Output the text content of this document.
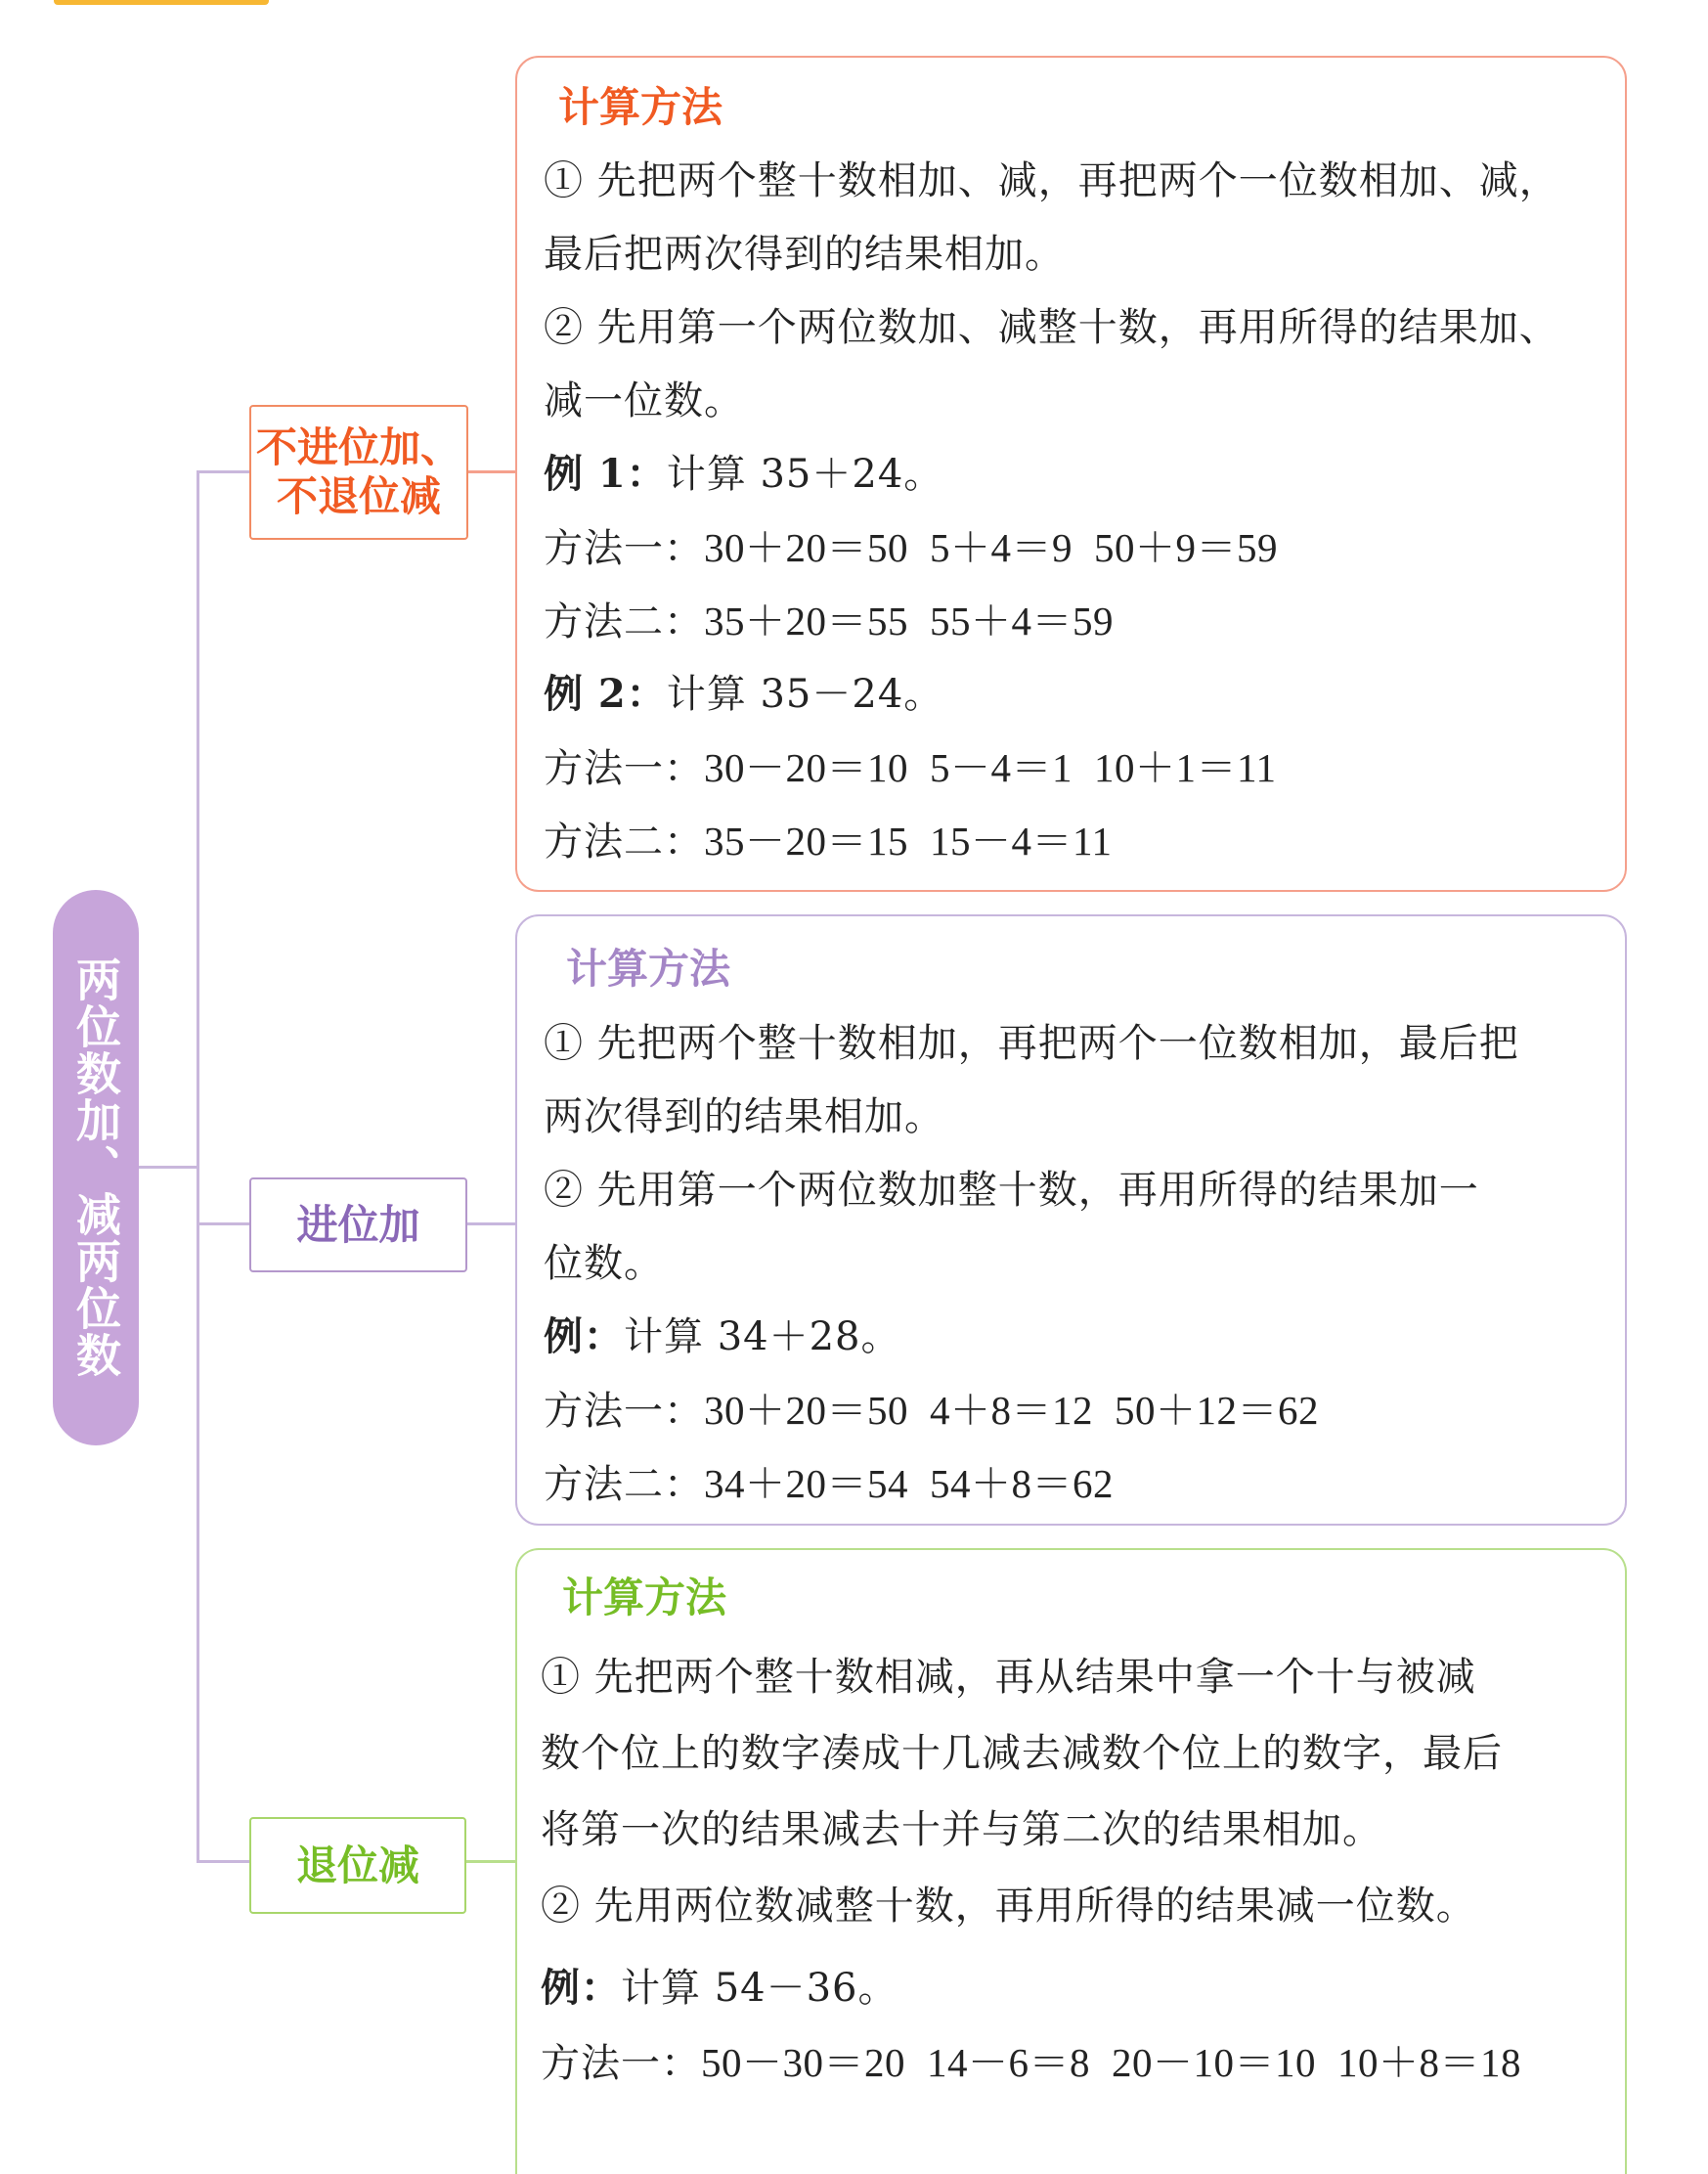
两位数加、减两位数
不进位加、
不退位减
进位加
退位减
计算方法
① 先把两个整十数相加、减，再把两个一位数相加、减，
最后把两次得到的结果相加。
② 先用第一个两位数加、减整十数，再用所得的结果加、
减一位数。
例 1：计算 35＋24。
方法一：30＋20＝50 5＋4＝9 50＋9＝59
方法二：35＋20＝55 55＋4＝59
例 2：计算 35－24。
方法一：30－20＝10 5－4＝1 10＋1＝11
方法二：35－20＝15 15－4＝11
计算方法
① 先把两个整十数相加，再把两个一位数相加，最后把
两次得到的结果相加。
② 先用第一个两位数加整十数，再用所得的结果加一
位数。
例：计算 34＋28。
方法一：30＋20＝50 4＋8＝12 50＋12＝62
方法二：34＋20＝54 54＋8＝62
计算方法
① 先把两个整十数相减，再从结果中拿一个十与被减
数个位上的数字凑成十几减去减数个位上的数字，最后
将第一次的结果减去十并与第二次的结果相加。
② 先用两位数减整十数，再用所得的结果减一位数。
例：计算 54－36。
方法一：50－30＝20 14－6＝8 20－10＝10 10＋8＝18
